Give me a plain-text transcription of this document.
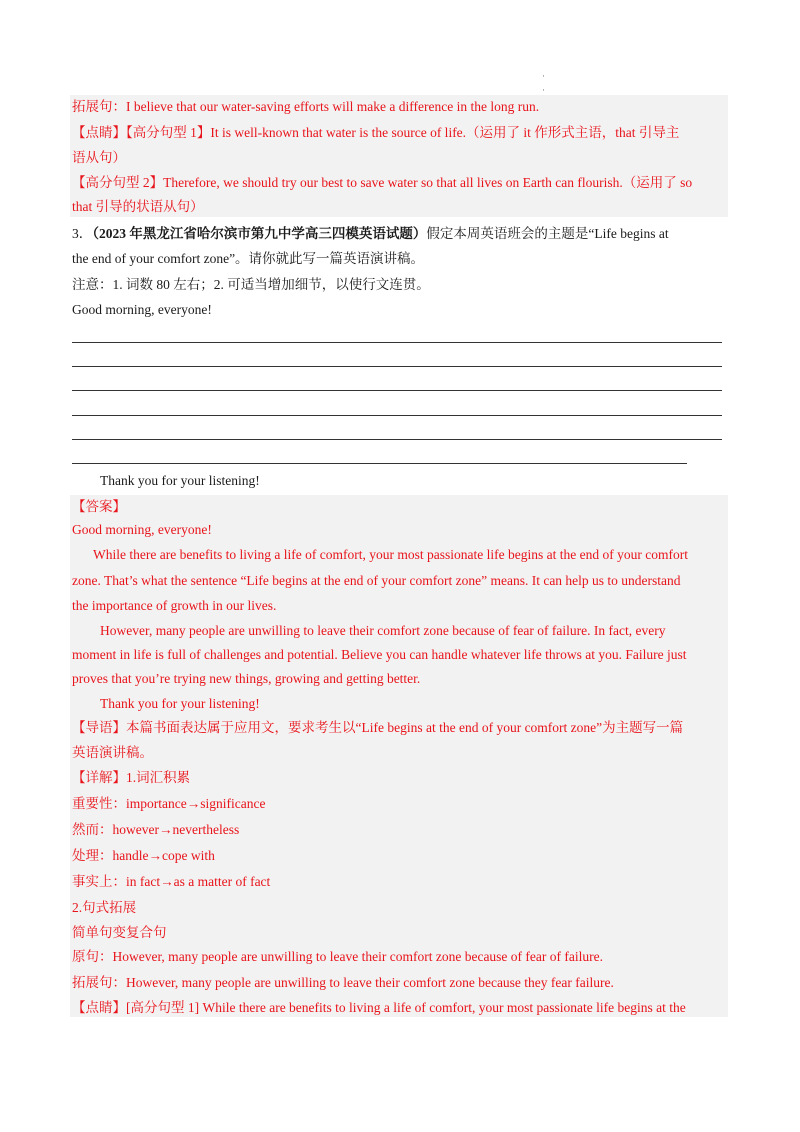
·
·
拓展句：I believe that our water-saving efforts will make a difference in the long run.
【点睛】【高分句型 1】It is well-known that water is the source of life.（运用了 it 作形式主语，that 引导主
语从句）
【高分句型 2】Therefore, we should try our best to save water so that all lives on Earth can flourish.（运用了 so
that 引导的状语从句）
3．（2023 年黑龙江省哈尔滨市第九中学高三四模英语试题）假定本周英语班会的主题是“Life begins at
the end of your comfort zone”。请你就此写一篇英语演讲稿。
注意：1. 词数 80 左右；2. 可适当增加细节，以使行文连贯。
Good morning, everyone!
Thank you for your listening!
【答案】
Good morning, everyone!
While there are benefits to living a life of comfort, your most passionate life begins at the end of your comfort
zone. That’s what the sentence “Life begins at the end of your comfort zone” means. It can help us to understand
the importance of growth in our lives.
However, many people are unwilling to leave their comfort zone because of fear of failure. In fact, every
moment in life is full of challenges and potential. Believe you can handle whatever life throws at you. Failure just
proves that you’re trying new things, growing and getting better.
Thank you for your listening!
【导语】本篇书面表达属于应用文，要求考生以“Life begins at the end of your comfort zone”为主题写一篇
英语演讲稿。
【详解】1.词汇积累
重要性：importance→significance
然而：however→nevertheless
处理：handle→cope with
事实上：in fact→as a matter of fact
2.句式拓展
简单句变复合句
原句：However, many people are unwilling to leave their comfort zone because of fear of failure.
拓展句：However, many people are unwilling to leave their comfort zone because they fear failure.
【点睛】[高分句型 1] While there are benefits to living a life of comfort, your most passionate life begins at the
